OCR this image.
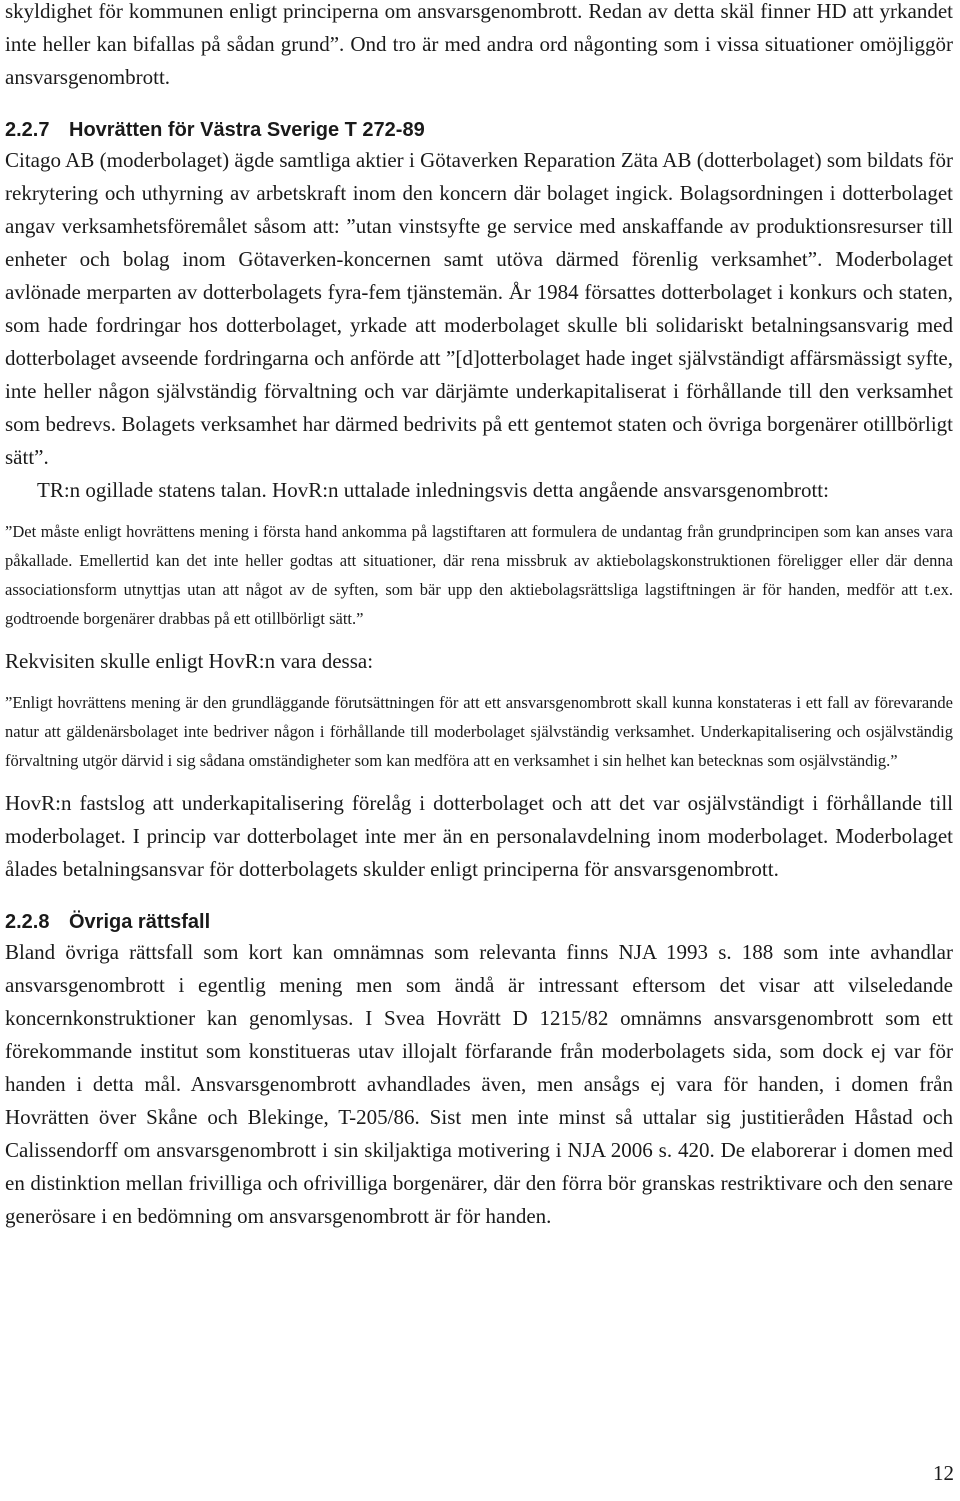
skyldighet för kommunen enligt principerna om ansvarsgenombrott. Redan av detta skäl finner HD att yrkandet inte heller kan bifallas på sådan grund”. Ond tro är med andra ord någonting som i vissa situationer omöjliggör ansvarsgenombrott.

2.2.7 Hovrätten för Västra Sverige T 272-89

Citago AB (moderbolaget) ägde samtliga aktier i Götaverken Reparation Zäta AB (dotterbolaget) som bildats för rekrytering och uthyrning av arbetskraft inom den koncern där bolaget ingick. Bolagsordningen i dotterbolaget angav verksamhetsföremålet såsom att: ”utan vinstsyfte ge service med anskaffande av produktionsresurser till enheter och bolag inom Götaverken-koncernen samt utöva därmed förenlig verksamhet”. Moderbolaget avlönade merparten av dotterbolagets fyra-fem tjänstemän. År 1984 försattes dotterbolaget i konkurs och staten, som hade fordringar hos dotterbolaget, yrkade att moderbolaget skulle bli solidariskt betalningsansvarig med dotterbolaget avseende fordringarna och anförde att ”[d]otterbolaget hade inget självständigt affärsmässigt syfte, inte heller någon självständig förvaltning och var därjämte underkapitaliserat i förhållande till den verksamhet som bedrevs. Bolagets verksamhet har därmed bedrivits på ett gentemot staten och övriga borgenärer otillbörligt sätt”.

TR:n ogillade statens talan. HovR:n uttalade inledningsvis detta angående ansvarsgenombrott:

”Det måste enligt hovrättens mening i första hand ankomma på lagstiftaren att formulera de undantag från grundprincipen som kan anses vara påkallade. Emellertid kan det inte heller godtas att situationer, där rena missbruk av aktiebolagskonstruktionen föreligger eller där denna associationsform utnyttjas utan att något av de syften, som bär upp den aktiebolagsrättsliga lagstiftningen är för handen, medför att t.ex. godtroende borgenärer drabbas på ett otillbörligt sätt.”

Rekvisiten skulle enligt HovR:n vara dessa:

”Enligt hovrättens mening är den grundläggande förutsättningen för att ett ansvarsgenombrott skall kunna konstateras i ett fall av förevarande natur att gäldenärsbolaget inte bedriver någon i förhållande till moderbolaget självständig verksamhet. Underkapitalisering och osjälvständig förvaltning utgör därvid i sig sådana omständigheter som kan medföra att en verksamhet i sin helhet kan betecknas som osjälvständig.”

HovR:n fastslog att underkapitalisering förelåg i dotterbolaget och att det var osjälvständigt i förhållande till moderbolaget. I princip var dotterbolaget inte mer än en personalavdelning inom moderbolaget. Moderbolaget ålades betalningsansvar för dotterbolagets skulder enligt principerna för ansvarsgenombrott.

2.2.8 Övriga rättsfall

Bland övriga rättsfall som kort kan omnämnas som relevanta finns NJA 1993 s. 188 som inte avhandlar ansvarsgenombrott i egentlig mening men som ändå är intressant eftersom det visar att vilseledande koncernkonstruktioner kan genomlysas. I Svea Hovrätt D 1215/82 omnämns ansvarsgenombrott som ett förekommande institut som konstitueras utav illojalt förfarande från moderbolagets sida, som dock ej var för handen i detta mål. Ansvarsgenombrott avhandlades även, men ansågs ej vara för handen, i domen från Hovrätten över Skåne och Blekinge, T-205/86. Sist men inte minst så uttalar sig justitieråden Håstad och Calissendorff om ansvarsgenombrott i sin skiljaktiga motivering i NJA 2006 s. 420. De elaborerar i domen med en distinktion mellan frivilliga och ofrivilliga borgenärer, där den förra bör granskas restriktivare och den senare generösare i en bedömning om ansvarsgenombrott är för handen.

12
